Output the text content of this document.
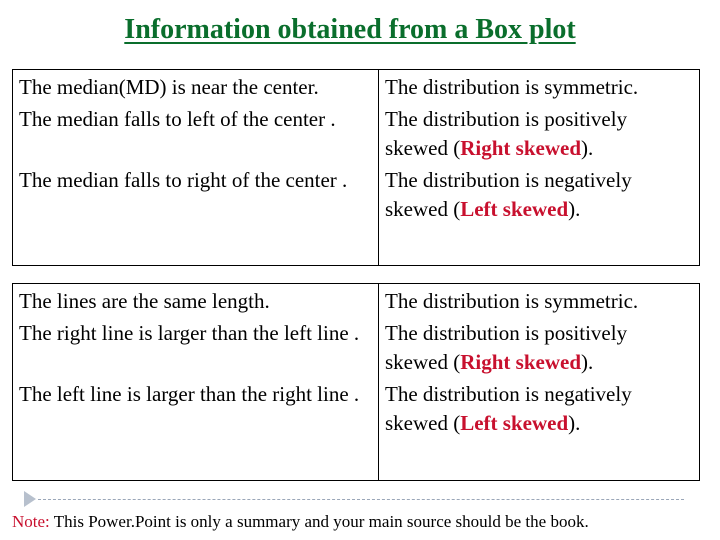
Information obtained from a Box plot
The median(MD) is near the center.	The distribution is symmetric.
The median falls to left of the center .	The distribution is positively skewed (Right skewed).
The median falls to right of the center .	The distribution is negatively skewed (Left skewed).
The lines are the same length.	The distribution is symmetric.
The right line is larger than the left line .	The distribution is positively skewed (Right skewed).
The left line is larger than the right line .	The distribution is negatively skewed (Left skewed).
Note: This Power.Point is only a summary and your main source should be the book.
